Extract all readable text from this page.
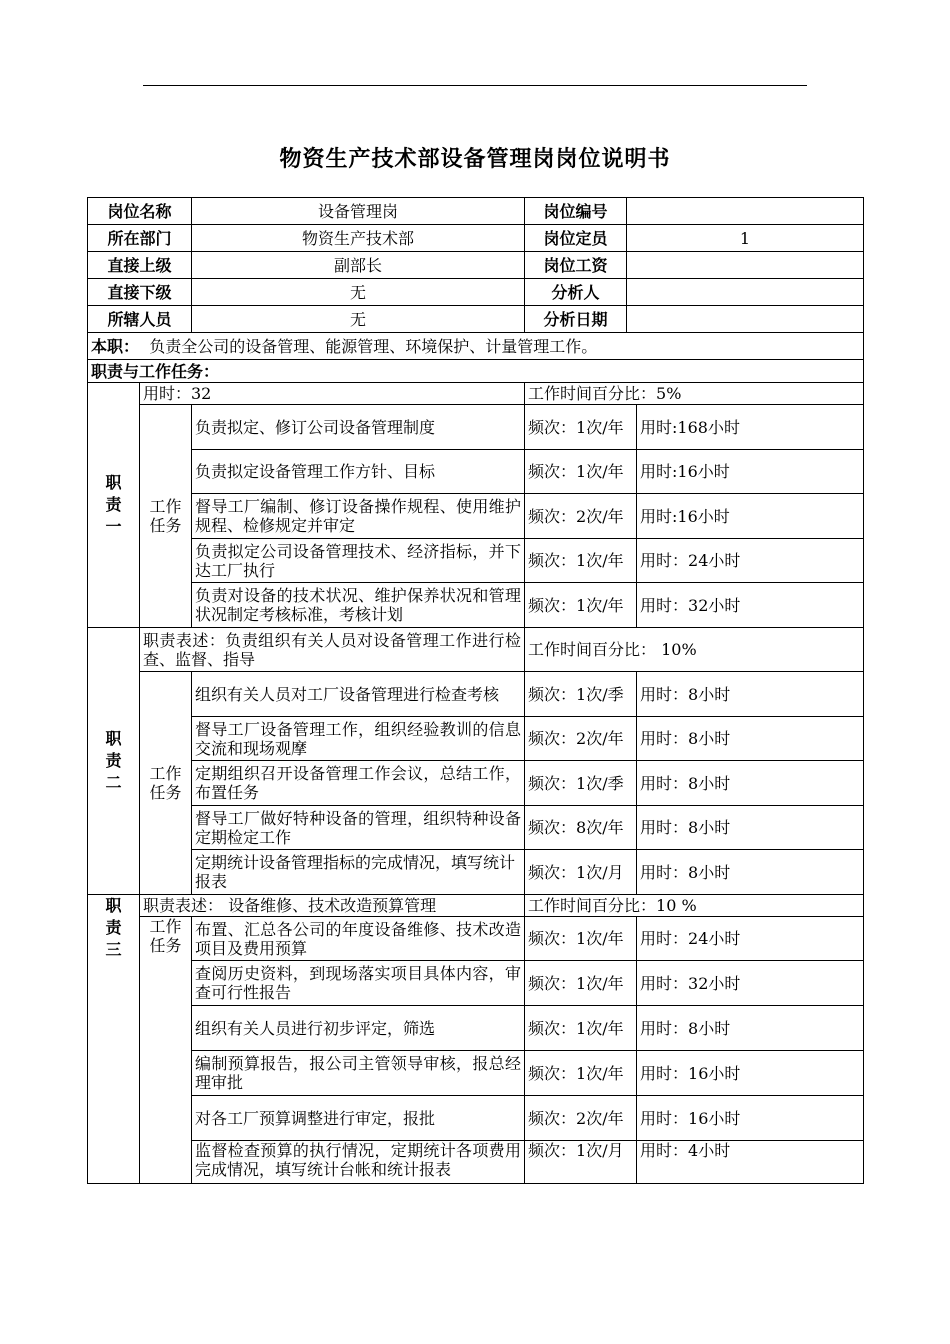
物资生产技术部设备管理岗岗位说明书
岗位名称		设备管理岗	岗位编号		
所在部门		物资生产技术部	岗位定员	1	
直接上级		副部长	岗位工资		
直接下级		无	分析人		
所辖人员		无	分析日期		
本职： 负责全公司的设备管理、能源管理、环境保护、计量管理工作。					
职责与工作任务：					

职
责
一	用时：32		工作时间百分比：5%		

	工作
任务	负责拟定、修订公司设备管理制度	频次：1次/年		用时:168小时
		负责拟定设备管理工作方针、目标	频次：1次/年		用时:16小时
		督导工厂编制、修订设备操作规程、使用维护规程、检修规定并审定	频次：2次/年		用时:16小时
		负责拟定公司设备管理技术、经济指标，并下达工厂执行	频次：1次/年		用时：24小时
		负责对设备的技术状况、维护保养状况和管理状况制定考核标准，考核计划	频次：1次/年		用时：32小时

职
责
二	职责表述：负责组织有关人员对设备管理工作进行检查、监督、指导		工作时间百分比： 10%		

	工作
任务	组织有关人员对工厂设备管理进行检查考核	频次：1次/季		用时：8小时
		督导工厂设备管理工作，组织经验教训的信息交流和现场观摩	频次：2次/年		用时：8小时
		定期组织召开设备管理工作会议，总结工作，布置任务	频次：1次/季		用时：8小时
		督导工厂做好特种设备的管理，组织特种设备定期检定工作	频次：8次/年		用时：8小时
		定期统计设备管理指标的完成情况，填写统计报表	频次：1次/月		用时：8小时

职
责
三	职责表述： 设备维修、技术改造预算管理		工作时间百分比：10 %		

	工作
任务	布置、汇总各公司的年度设备维修、技术改造项目及费用预算	频次：1次/年		用时：24小时
		查阅历史资料，到现场落实项目具体内容，审查可行性报告	频次：1次/年		用时：32小时
		组织有关人员进行初步评定，筛选	频次：1次/年		用时：8小时
		编制预算报告，报公司主管领导审核，报总经理审批	频次：1次/年		用时：16小时
		对各工厂预算调整进行审定，报批	频次：2次/年		用时：16小时
		监督检查预算的执行情况，定期统计各项费用完成情况，填写统计台帐和统计报表	频次：1次/月		用时：4小时
